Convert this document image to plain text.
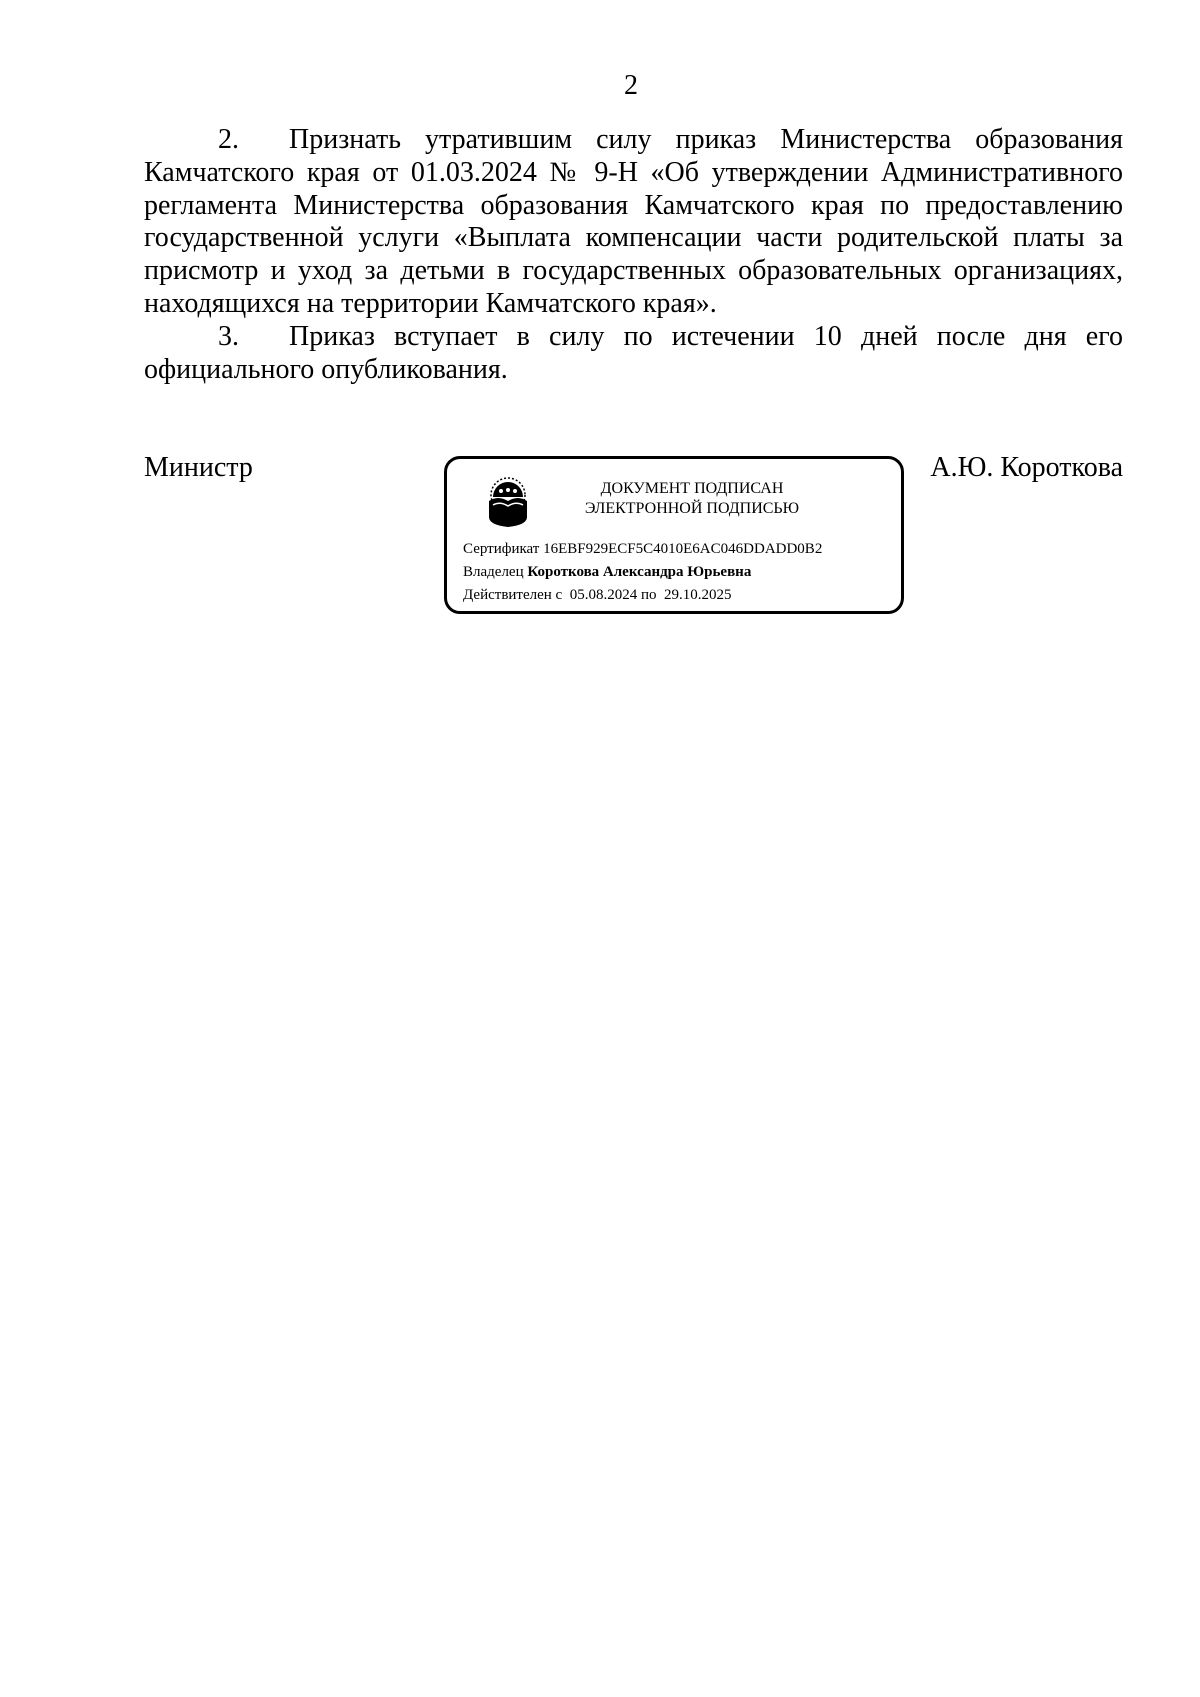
2
2.	Признать утратившим силу приказ Министерства образования
Камчатского края от 01.03.2024 № 9-Н «Об утверждении Административного
регламента Министерства образования Камчатского края по предоставлению
государственной услуги «Выплата компенсации части родительской платы за
присмотр и уход за детьми в государственных образовательных организациях,
находящихся на территории Камчатского края».
3.	Приказ вступает в силу по истечении 10 дней после дня его
официального опубликования.
Министр	А.Ю. Короткова
ДОКУМЕНТ ПОДПИСАН
ЭЛЕКТРОННОЙ ПОДПИСЬЮ
Сертификат 16EBF929ECF5C4010E6AC046DDADD0B2
Владелец Короткова Александра Юрьевна
Действителен с 05.08.2024 по 29.10.2025
